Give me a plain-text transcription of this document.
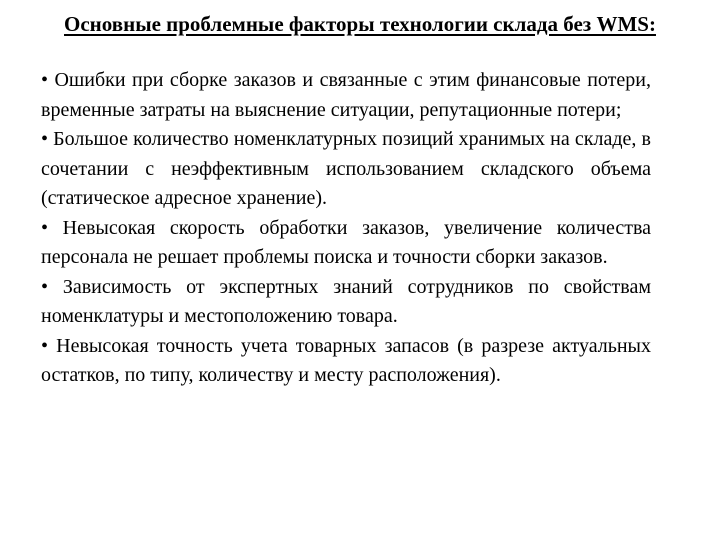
Основные проблемные факторы технологии склада без WMS:

• Ошибки при сборке заказов и связанные с этим финансовые потери, временные затраты на выяснение ситуации, репутационные потери;

• Большое количество номенклатурных позиций хранимых на складе, в сочетании с неэффективным использованием складского объема (статическое адресное хранение).

• Невысокая скорость обработки заказов, увеличение количества персонала не решает проблемы поиска и точности сборки заказов.

• Зависимость от экспертных знаний сотрудников по свойствам номенклатуры и местоположению товара.

• Невысокая точность учета товарных запасов (в разрезе актуальных остатков, по типу, количеству и месту расположения).
